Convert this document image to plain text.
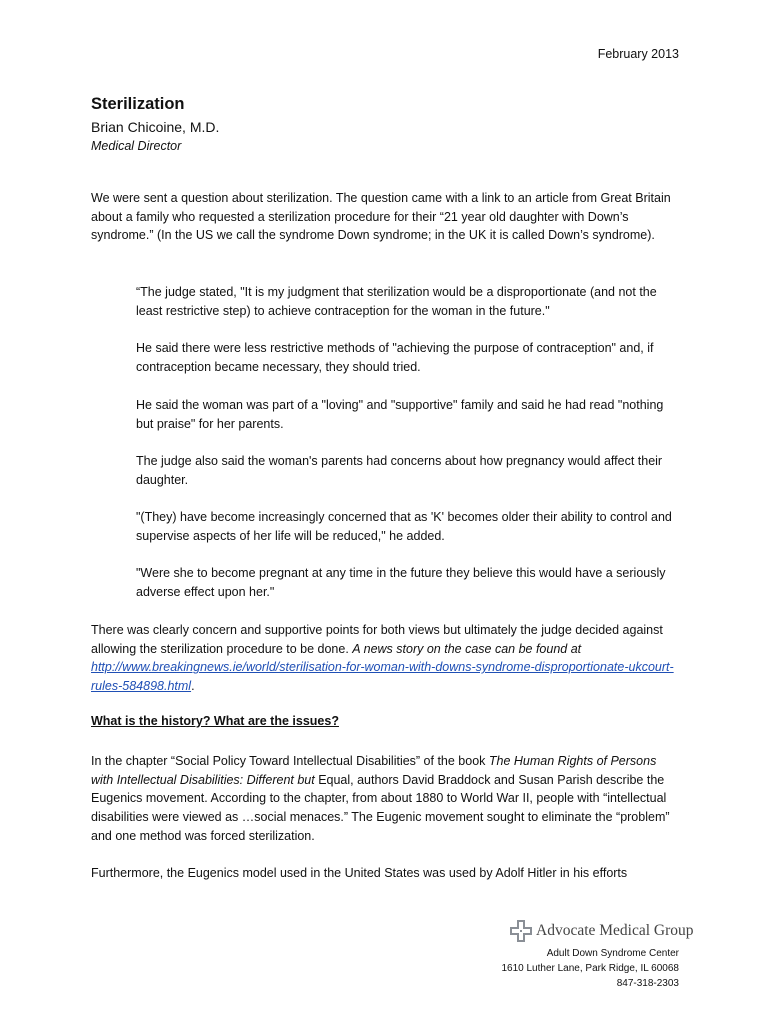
February 2013
Sterilization
Brian Chicoine, M.D.
Medical Director

We were sent a question about sterilization. The question came with a link to an article from Great Britain about a family who requested a sterilization procedure for their “21 year old daughter with Down’s syndrome.” (In the US we call the syndrome Down syndrome; in the UK it is called Down’s syndrome).

“The judge stated, "It is my judgment that sterilization would be a disproportionate (and not the least restrictive step) to achieve contraception for the woman in the future."

He said there were less restrictive methods of "achieving the purpose of contraception" and, if contraception became necessary, they should tried.

He said the woman was part of a "loving" and "supportive" family and said he had read "nothing but praise" for her parents.

The judge also said the woman's parents had concerns about how pregnancy would affect their daughter.

"(They) have become increasingly concerned that as 'K' becomes older their ability to control and supervise aspects of her life will be reduced," he added.

"Were she to become pregnant at any time in the future they believe this would have a seriously adverse effect upon her."

There was clearly concern and supportive points for both views but ultimately the judge decided against allowing the sterilization procedure to be done. A news story on the case can be found at http://www.breakingnews.ie/world/sterilisation-for-woman-with-downs-syndrome-disproportionate-ukcourt-rules-584898.html.

What is the history? What are the issues?

In the chapter “Social Policy Toward Intellectual Disabilities” of the book The Human Rights of Persons with Intellectual Disabilities: Different but Equal, authors David Braddock and Susan Parish describe the Eugenics movement. According to the chapter, from about 1880 to World War II, people with “intellectual disabilities were viewed as …social menaces.” The Eugenic movement sought to eliminate the “problem” and one method was forced sterilization.

Furthermore, the Eugenics model used in the United States was used by Adolf Hitler in his efforts

Advocate Medical Group
Adult Down Syndrome Center
1610 Luther Lane, Park Ridge, IL 60068
847-318-2303
